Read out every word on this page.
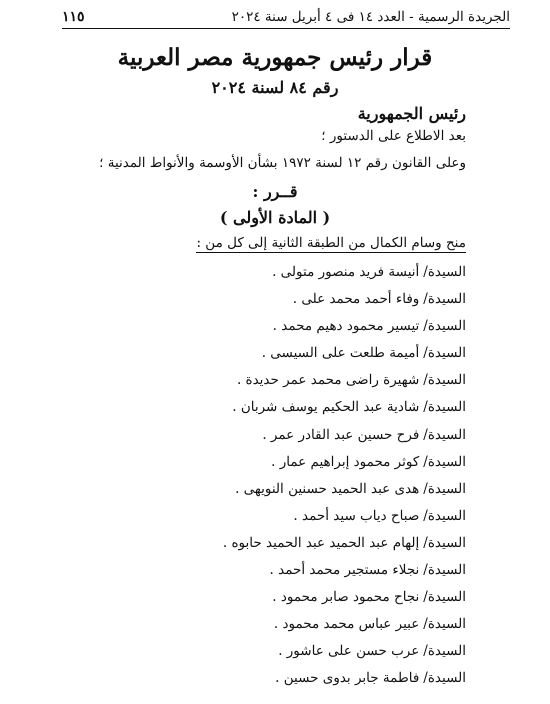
الجريدة الرسمية - العدد ١٤ فى ٤ أبريل سنة ٢٠٢٤
١١٥
قرار رئيس جمهورية مصر العربية
رقم ٨٤ لسنة ٢٠٢٤
رئيس الجمهورية
بعد الاطلاع على الدستور ؛
وعلى القانون رقم ١٢ لسنة ١٩٧٢ بشأن الأوسمة والأنواط المدنية ؛
قــرر :
( المادة الأولى )
منح وسام الكمال من الطبقة الثانية إلى كل من :
السيدة/أنيسة فريد منصور متولى .
السيدة/وفاء أحمد محمد على .
السيدة/تيسير محمود دهيم محمد .
السيدة/أميمة طلعت على السيسى .
السيدة/شهيرة راضى محمد عمر حديدة .
السيدة/شادية عبد الحكيم يوسف شربان .
السيدة/فرح حسين عبد القادر عمر .
السيدة/كوثر محمود إبراهيم عمار .
السيدة/هدى عبد الحميد حسنين النويهى .
السيدة/صباح دياب سيد أحمد .
السيدة/إلهام عبد الحميد عبد الحميد حابوه .
السيدة/نجلاء مستجير محمد أحمد .
السيدة/نجاح محمود صابر محمود .
السيدة/عبير عباس محمد محمود .
السيدة/عرب حسن على عاشور .
السيدة/فاطمة جابر بدوى حسين .
